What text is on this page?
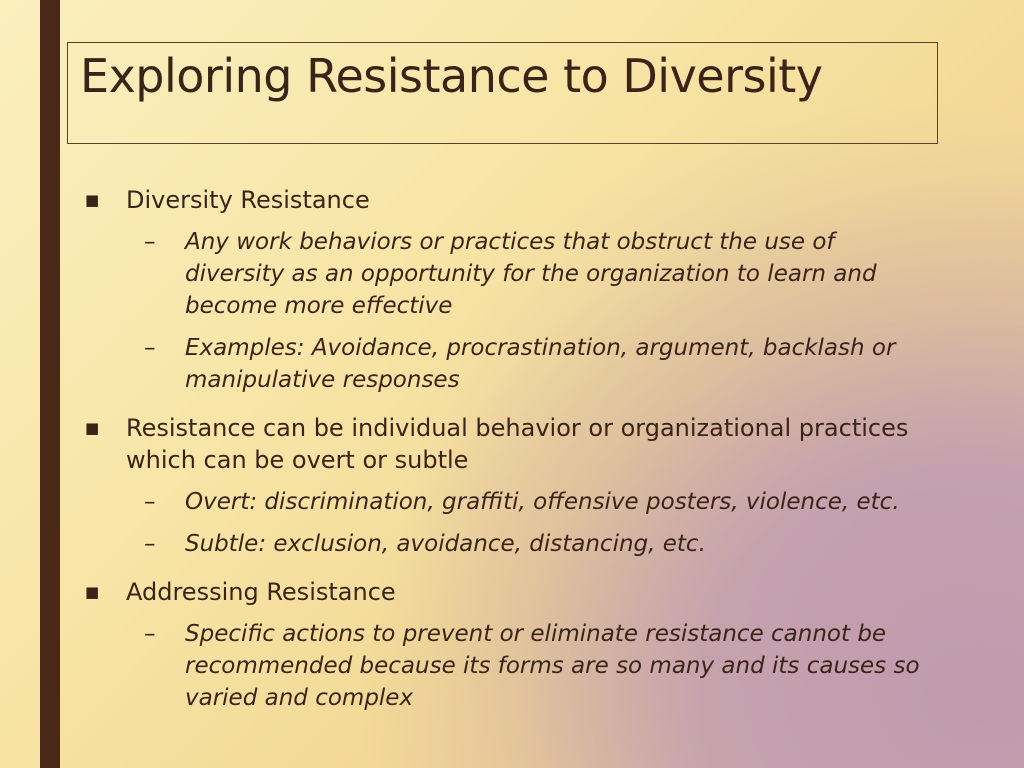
Exploring Resistance to Diversity

■ Diversity Resistance

– Any work behaviors or practices that obstruct the use of diversity as an opportunity for the organization to learn and become more effective

– Examples: Avoidance, procrastination, argument, backlash or manipulative responses

■ Resistance can be individual behavior or organizational practices which can be overt or subtle

– Overt: discrimination, graffiti, offensive posters, violence, etc.

– Subtle: exclusion, avoidance, distancing, etc.

■ Addressing Resistance

– Specific actions to prevent or eliminate resistance cannot be recommended because its forms are so many and its causes so varied and complex
